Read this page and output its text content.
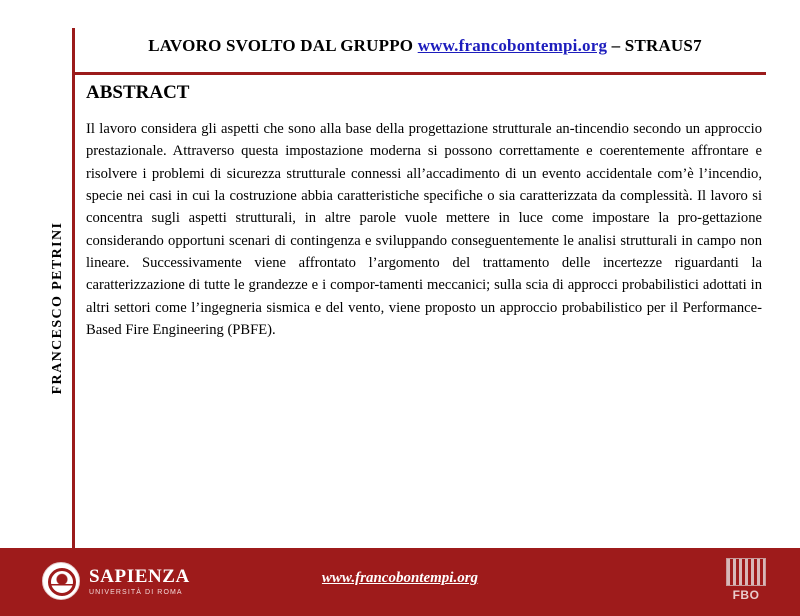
LAVORO SVOLTO DAL GRUPPO www.francobontempi.org – STRAUS7
ABSTRACT
Il lavoro considera gli aspetti che sono alla base della progettazione strutturale an-tincendio secondo un approccio prestazionale. Attraverso questa impostazione moderna si possono correttamente e coerentemente affrontare e risolvere i problemi di sicurezza strutturale connessi all’accadimento di un evento accidentale com’è l’incendio, specie nei casi in cui la costruzione abbia caratteristiche specifiche o sia caratterizzata da complessità. Il lavoro si concentra sugli aspetti strutturali, in altre parole vuole mettere in luce come impostare la pro-gettazione considerando opportuni scenari di contingenza e sviluppando conseguentemente le analisi strutturali in campo non lineare. Successivamente viene affrontato l’argomento del trattamento delle incertezze riguardanti la caratterizzazione di tutte le grandezze e i compor-tamenti meccanici; sulla scia di approcci probabilistici adottati in altri settori come l’ingegneria sismica e del vento, viene proposto un approccio probabilistico per il Performance-Based Fire Engineering (PBFE).
FRANCESCO PETRINI
SAPIENZA
UNIVERSITÀ DI ROMA
www.francobontempi.org
FBO
